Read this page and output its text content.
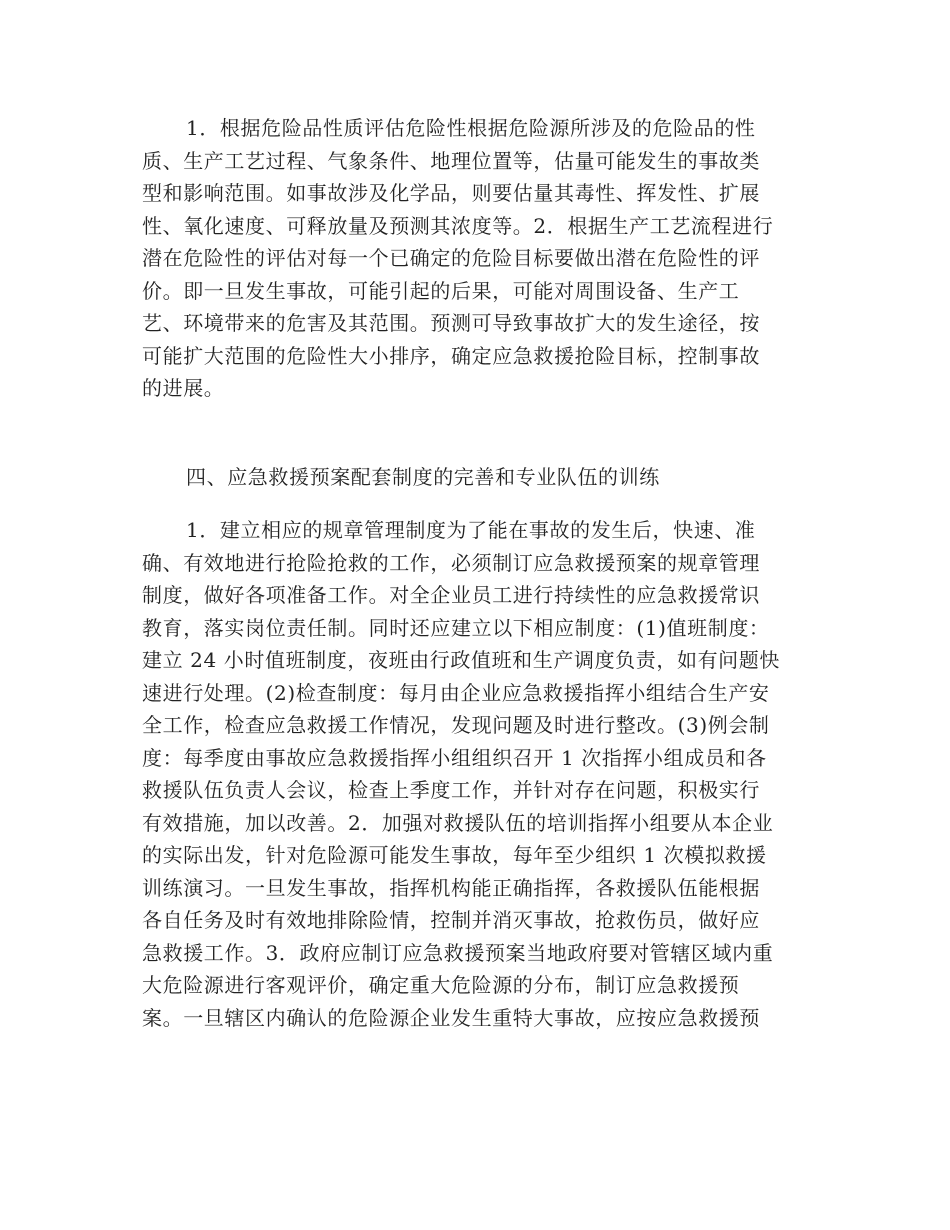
1．根据危险品性质评估危险性根据危险源所涉及的危险品的性
质、生产工艺过程、气象条件、地理位置等，估量可能发生的事故类
型和影响范围。如事故涉及化学品，则要估量其毒性、挥发性、扩展
性、氧化速度、可释放量及预测其浓度等。2．根据生产工艺流程进行
潜在危险性的评估对每一个已确定的危险目标要做出潜在危险性的评
价。即一旦发生事故，可能引起的后果，可能对周围设备、生产工
艺、环境带来的危害及其范围。预测可导致事故扩大的发生途径，按
可能扩大范围的危险性大小排序，确定应急救援抢险目标，控制事故
的进展。
四、应急救援预案配套制度的完善和专业队伍的训练
1．建立相应的规章管理制度为了能在事故的发生后，快速、准
确、有效地进行抢险抢救的工作，必须制订应急救援预案的规章管理
制度，做好各项准备工作。对全企业员工进行持续性的应急救援常识
教育，落实岗位责任制。同时还应建立以下相应制度：(1)值班制度：
建立 24 小时值班制度，夜班由行政值班和生产调度负责，如有问题快
速进行处理。(2)检查制度：每月由企业应急救援指挥小组结合生产安
全工作，检查应急救援工作情况，发现问题及时进行整改。(3)例会制
度：每季度由事故应急救援指挥小组组织召开 1 次指挥小组成员和各
救援队伍负责人会议，检查上季度工作，并针对存在问题，积极实行
有效措施，加以改善。2．加强对救援队伍的培训指挥小组要从本企业
的实际出发，针对危险源可能发生事故，每年至少组织 1 次模拟救援
训练演习。一旦发生事故，指挥机构能正确指挥，各救援队伍能根据
各自任务及时有效地排除险情，控制并消灭事故，抢救伤员，做好应
急救援工作。3．政府应制订应急救援预案当地政府要对管辖区域内重
大危险源进行客观评价，确定重大危险源的分布，制订应急救援预
案。一旦辖区内确认的危险源企业发生重特大事故，应按应急救援预
